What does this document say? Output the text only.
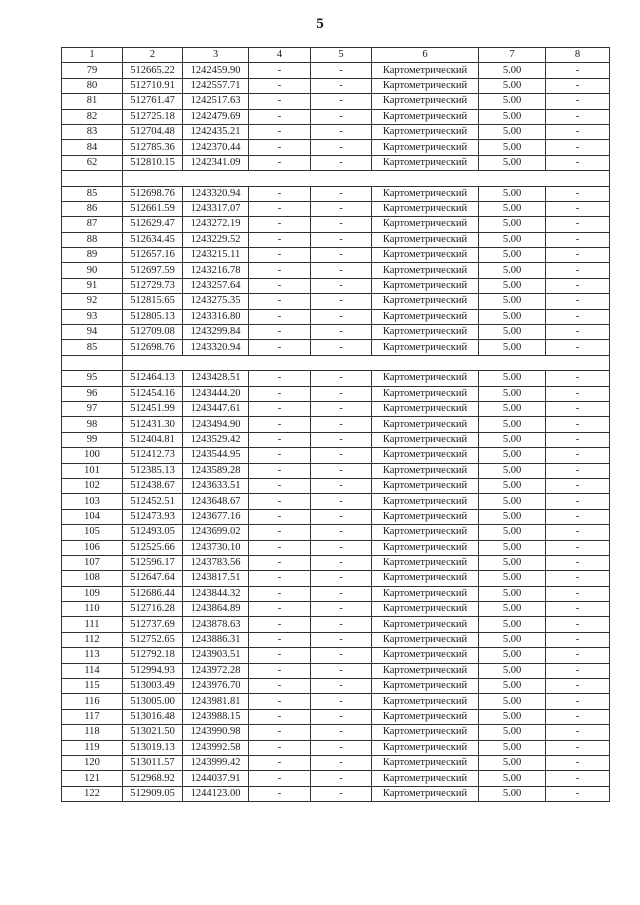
5
1	2	3	4	5	6	7	8
79	512665.22	1242459.90	-	-	Картометрический	5.00	-
80	512710.91	1242557.71	-	-	Картометрический	5.00	-
81	512761.47	1242517.63	-	-	Картометрический	5.00	-
82	512725.18	1242479.69	-	-	Картометрический	5.00	-
83	512704.48	1242435.21	-	-	Картометрический	5.00	-
84	512785.36	1242370.44	-	-	Картометрический	5.00	-
62	512810.15	1242341.09	-	-	Картометрический	5.00	-

85	512698.76	1243320.94	-	-	Картометрический	5.00	-
86	512661.59	1243317.07	-	-	Картометрический	5.00	-
87	512629.47	1243272.19	-	-	Картометрический	5.00	-
88	512634.45	1243229.52	-	-	Картометрический	5.00	-
89	512657.16	1243215.11	-	-	Картометрический	5.00	-
90	512697.59	1243216.78	-	-	Картометрический	5.00	-
91	512729.73	1243257.64	-	-	Картометрический	5.00	-
92	512815.65	1243275.35	-	-	Картометрический	5.00	-
93	512805.13	1243316.80	-	-	Картометрический	5.00	-
94	512709.08	1243299.84	-	-	Картометрический	5.00	-
85	512698.76	1243320.94	-	-	Картометрический	5.00	-

95	512464.13	1243428.51	-	-	Картометрический	5.00	-
96	512454.16	1243444.20	-	-	Картометрический	5.00	-
97	512451.99	1243447.61	-	-	Картометрический	5.00	-
98	512431.30	1243494.90	-	-	Картометрический	5.00	-
99	512404.81	1243529.42	-	-	Картометрический	5.00	-
100	512412.73	1243544.95	-	-	Картометрический	5.00	-
101	512385.13	1243589.28	-	-	Картометрический	5.00	-
102	512438.67	1243633.51	-	-	Картометрический	5.00	-
103	512452.51	1243648.67	-	-	Картометрический	5.00	-
104	512473.93	1243677.16	-	-	Картометрический	5.00	-
105	512493.05	1243699.02	-	-	Картометрический	5.00	-
106	512525.66	1243730.10	-	-	Картометрический	5.00	-
107	512596.17	1243783.56	-	-	Картометрический	5.00	-
108	512647.64	1243817.51	-	-	Картометрический	5.00	-
109	512686.44	1243844.32	-	-	Картометрический	5.00	-
110	512716.28	1243864.89	-	-	Картометрический	5.00	-
111	512737.69	1243878.63	-	-	Картометрический	5.00	-
112	512752.65	1243886.31	-	-	Картометрический	5.00	-
113	512792.18	1243903.51	-	-	Картометрический	5.00	-
114	512994.93	1243972.28	-	-	Картометрический	5.00	-
115	513003.49	1243976.70	-	-	Картометрический	5.00	-
116	513005.00	1243981.81	-	-	Картометрический	5.00	-
117	513016.48	1243988.15	-	-	Картометрический	5.00	-
118	513021.50	1243990.98	-	-	Картометрический	5.00	-
119	513019.13	1243992.58	-	-	Картометрический	5.00	-
120	513011.57	1243999.42	-	-	Картометрический	5.00	-
121	512968.92	1244037.91	-	-	Картометрический	5.00	-
122	512909.05	1244123.00	-	-	Картометрический	5.00	-
